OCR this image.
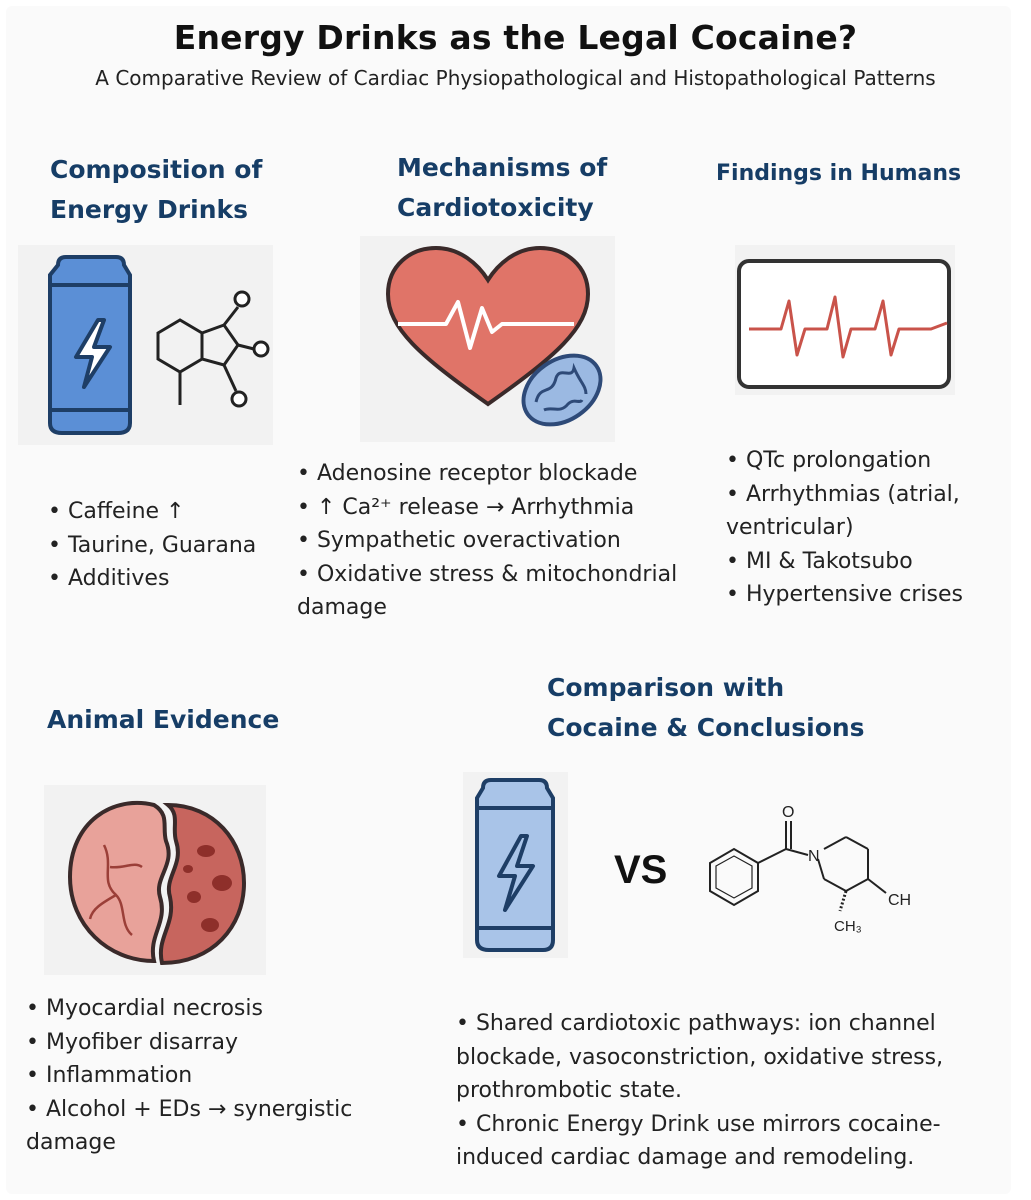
Energy Drinks as the Legal Cocaine?
A Comparative Review of Cardiac Physiopathological and Histopathological Patterns
Composition of
Energy Drinks
• Caffeine ↑
• Taurine, Guarana
• Additives
Mechanisms of
Cardiotoxicity
• Adenosine receptor blockade
• ↑ Ca²⁺ release → Arrhythmia
• Sympathetic overactivation
• Oxidative stress & mitochondrial
damage
Findings in Humans
• QTc prolongation
• Arrhythmias (atrial,
ventricular)
• MI & Takotsubo
• Hypertensive crises
Animal Evidence
• Myocardial necrosis
• Myofiber disarray
• Inflammation
• Alcohol + EDs → synergistic
damage
Comparison with
Cocaine & Conclusions
VS
O
N
CH
CH₃
• Shared cardiotoxic pathways: ion channel
blockade, vasoconstriction, oxidative stress,
prothrombotic state.
• Chronic Energy Drink use mirrors cocaine-
induced cardiac damage and remodeling.
